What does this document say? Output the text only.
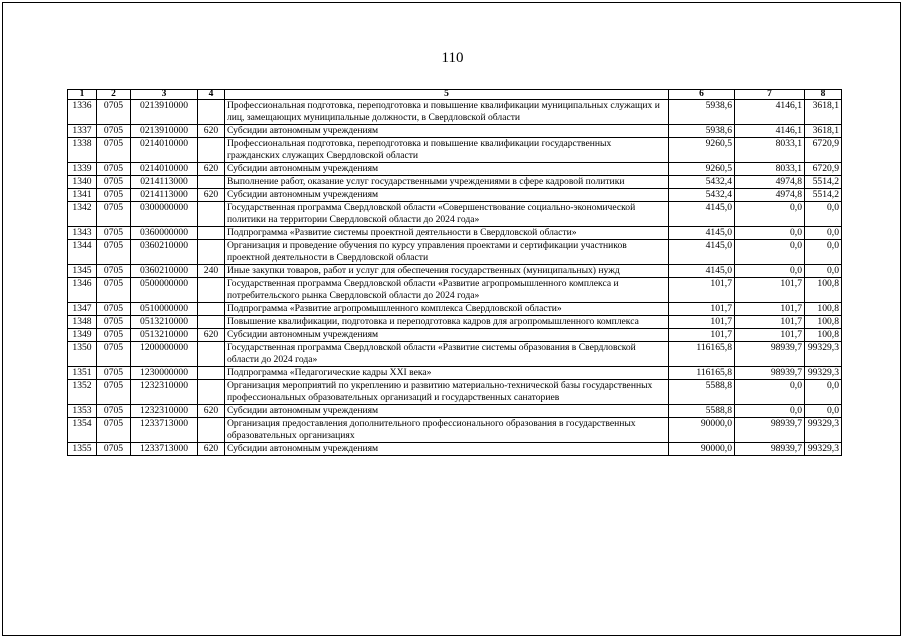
110
1	2	3	4	5	6	7	8
1336	0705	0213910000		Профессиональная подготовка, переподготовка и повышение квалификации муниципальных служащих и лиц, замещающих муниципальные должности, в Свердловской области	5938,6	4146,1	3618,1
1337	0705	0213910000	620	Субсидии автономным учреждениям	5938,6	4146,1	3618,1
1338	0705	0214010000		Профессиональная подготовка, переподготовка и повышение квалификации государственных гражданских служащих Свердловской области	9260,5	8033,1	6720,9
1339	0705	0214010000	620	Субсидии автономным учреждениям	9260,5	8033,1	6720,9
1340	0705	0214113000		Выполнение работ, оказание услуг государственными учреждениями в сфере кадровой политики	5432,4	4974,8	5514,2
1341	0705	0214113000	620	Субсидии автономным учреждениям	5432,4	4974,8	5514,2
1342	0705	0300000000		Государственная программа Свердловской области «Совершенствование социально-экономической политики на территории Свердловской области до 2024 года»	4145,0	0,0	0,0
1343	0705	0360000000		Подпрограмма «Развитие системы проектной деятельности в Свердловской области»	4145,0	0,0	0,0
1344	0705	0360210000		Организация и проведение обучения по курсу управления проектами и сертификации участников проектной деятельности в Свердловской области	4145,0	0,0	0,0
1345	0705	0360210000	240	Иные закупки товаров, работ и услуг для обеспечения государственных (муниципальных) нужд	4145,0	0,0	0,0
1346	0705	0500000000		Государственная программа Свердловской области «Развитие агропромышленного комплекса и потребительского рынка Свердловской области до 2024 года»	101,7	101,7	100,8
1347	0705	0510000000		Подпрограмма «Развитие агропромышленного комплекса Свердловской области»	101,7	101,7	100,8
1348	0705	0513210000		Повышение квалификации, подготовка и переподготовка кадров для агропромышленного комплекса	101,7	101,7	100,8
1349	0705	0513210000	620	Субсидии автономным учреждениям	101,7	101,7	100,8
1350	0705	1200000000		Государственная программа Свердловской области «Развитие системы образования в Свердловской области до 2024 года»	116165,8	98939,7	99329,3
1351	0705	1230000000		Подпрограмма «Педагогические кадры XXI века»	116165,8	98939,7	99329,3
1352	0705	1232310000		Организация мероприятий по укреплению и развитию материально-технической базы государственных профессиональных образовательных организаций и государственных санаториев	5588,8	0,0	0,0
1353	0705	1232310000	620	Субсидии автономным учреждениям	5588,8	0,0	0,0
1354	0705	1233713000		Организация предоставления дополнительного профессионального образования в государственных образовательных организациях	90000,0	98939,7	99329,3
1355	0705	1233713000	620	Субсидии автономным учреждениям	90000,0	98939,7	99329,3
